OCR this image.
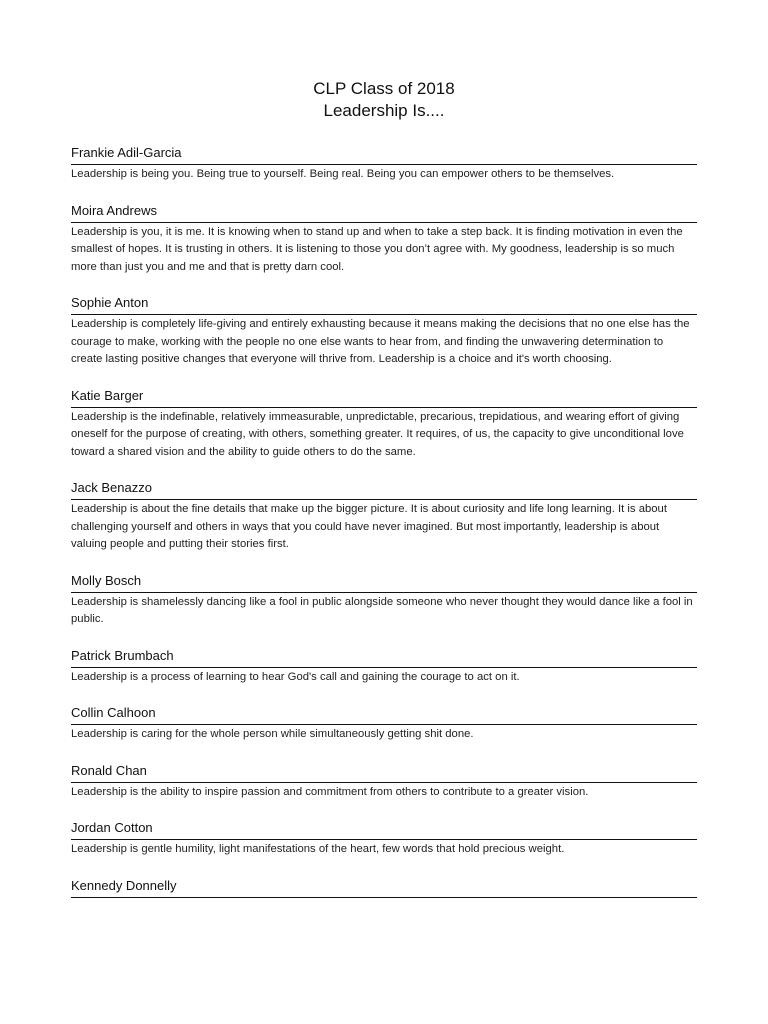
CLP Class of 2018
Leadership Is....
Frankie Adil-Garcia
Leadership is being you. Being true to yourself. Being real. Being you can empower others to be themselves.
Moira Andrews
Leadership is you, it is me. It is knowing when to stand up and when to take a step back. It is finding motivation in even the smallest of hopes. It is trusting in others. It is listening to those you don’t agree with. My goodness, leadership is so much more than just you and me and that is pretty darn cool.
Sophie Anton
Leadership is completely life-giving and entirely exhausting because it means making the decisions that no one else has the courage to make, working with the people no one else wants to hear from, and finding the unwavering determination to create lasting positive changes that everyone will thrive from. Leadership is a choice and it's worth choosing.
Katie Barger
Leadership is the indefinable, relatively immeasurable, unpredictable, precarious, trepidatious, and wearing effort of giving oneself for the purpose of creating, with others, something greater. It requires, of us, the capacity to give unconditional love toward a shared vision and the ability to guide others to do the same.
Jack Benazzo
Leadership is about the fine details that make up the bigger picture. It is about curiosity and life long learning. It is about challenging yourself and others in ways that you could have never imagined. But most importantly, leadership is about valuing people and putting their stories first.
Molly Bosch
Leadership is shamelessly dancing like a fool in public alongside someone who never thought they would dance like a fool in public.
Patrick Brumbach
Leadership is a process of learning to hear God's call and gaining the courage to act on it.
Collin Calhoon
Leadership is caring for the whole person while simultaneously getting shit done.
Ronald Chan
Leadership is the ability to inspire passion and commitment from others to contribute to a greater vision.
Jordan Cotton
Leadership is gentle humility, light manifestations of the heart, few words that hold precious weight.
Kennedy Donnelly
